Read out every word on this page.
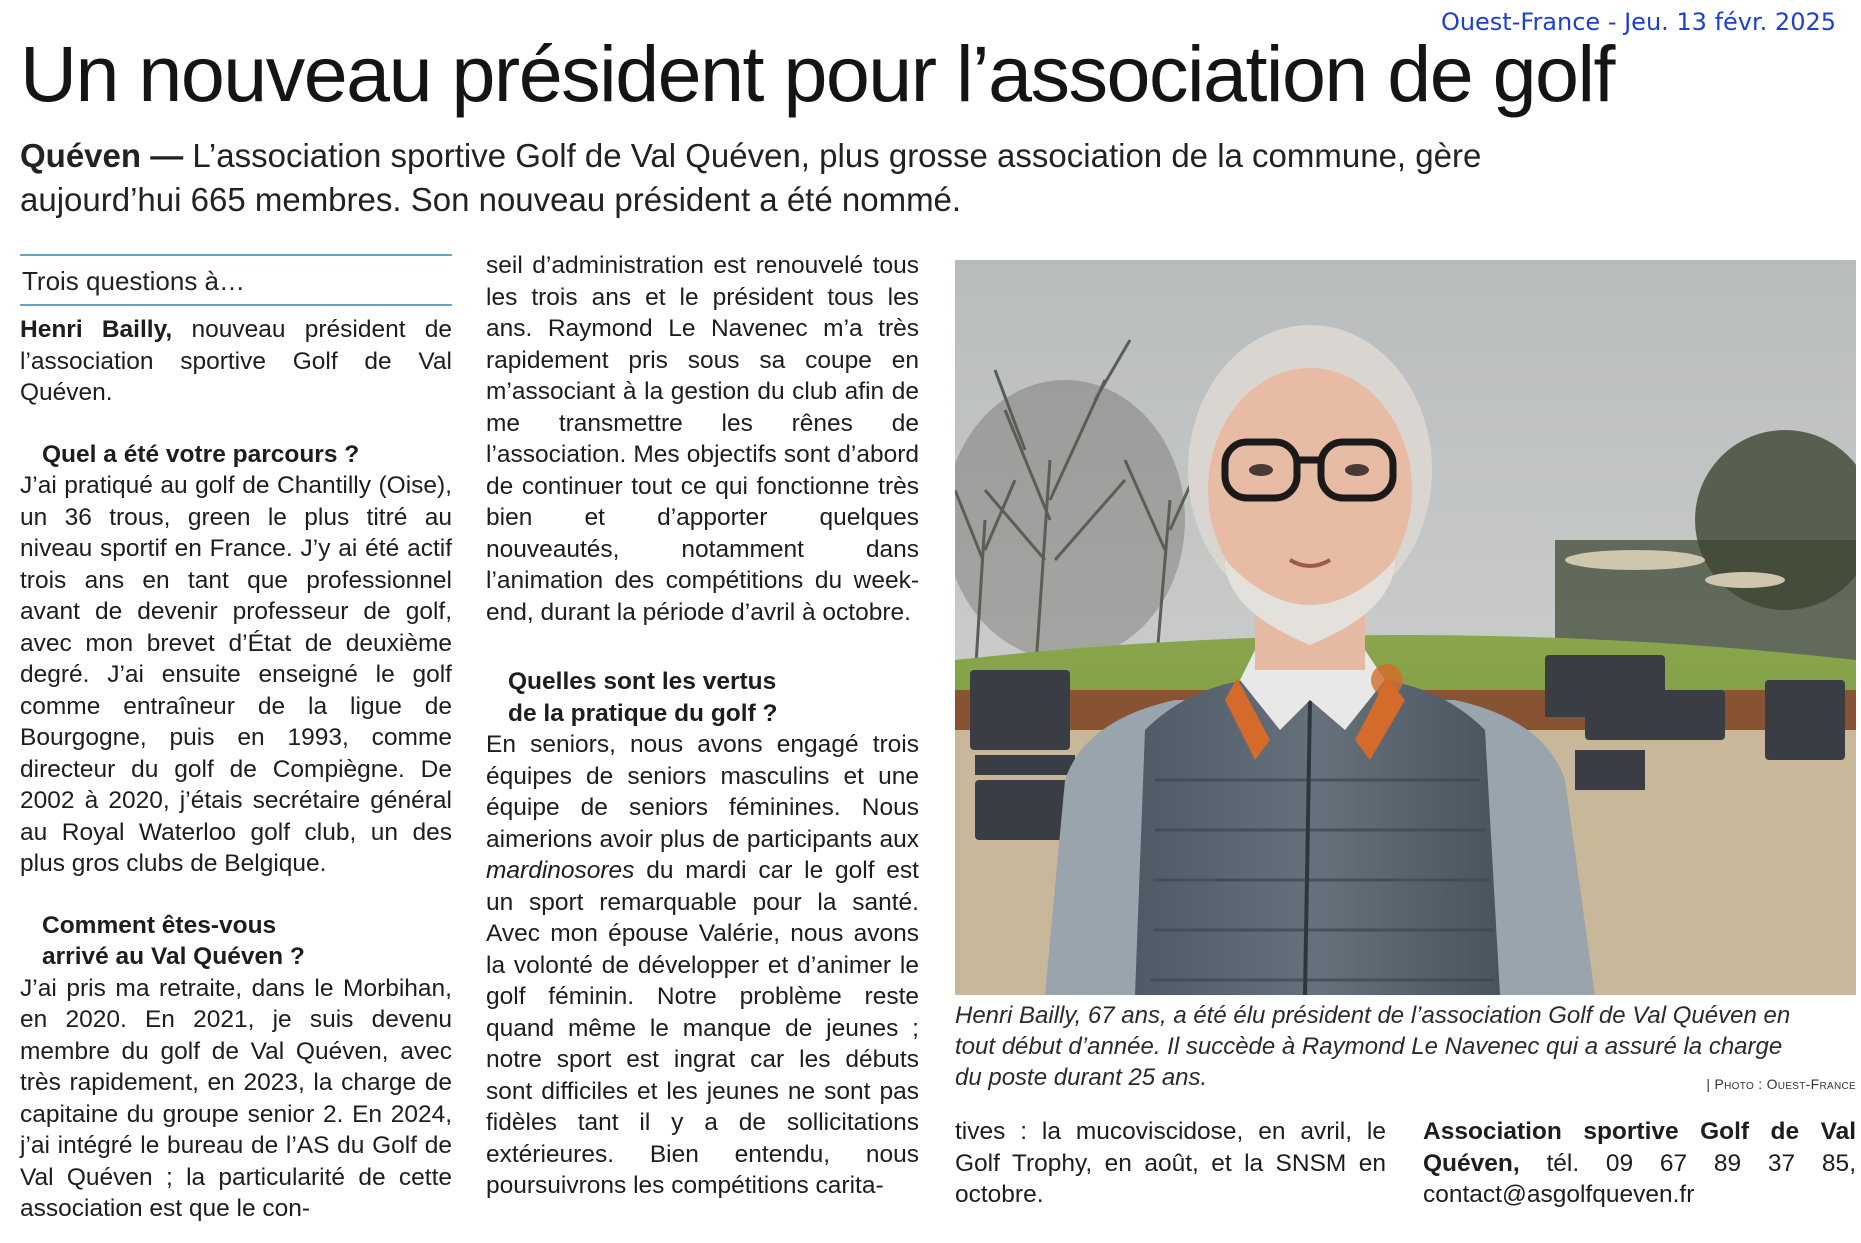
Ouest-France - Jeu. 13 févr. 2025
Un nouveau président pour l’association de golf

Quéven — L’association sportive Golf de Val Quéven, plus grosse association de la commune, gère aujourd’hui 665 membres. Son nouveau président a été nommé.

Trois questions à…

Henri Bailly, nouveau président de l’association sportive Golf de Val Quéven.

Quel a été votre parcours ?

J’ai pratiqué au golf de Chantilly (Oise), un 36 trous, green le plus titré au niveau sportif en France. J’y ai été actif trois ans en tant que professionnel avant de devenir professeur de golf, avec mon brevet d’État de deuxième degré. J’ai ensuite enseigné le golf comme entraîneur de la ligue de Bourgogne, puis en 1993, comme directeur du golf de Compiègne. De 2002 à 2020, j’étais secrétaire général au Royal Waterloo golf club, un des plus gros clubs de Belgique.

Comment êtes-vous arrivé au Val Quéven ?

J’ai pris ma retraite, dans le Morbihan, en 2020. En 2021, je suis devenu membre du golf de Val Quéven, avec très rapidement, en 2023, la charge de capitaine du groupe senior 2. En 2024, j’ai intégré le bureau de l’AS du Golf de Val Quéven ; la particularité de cette association est que le con-

seil d’administration est renouvelé tous les trois ans et le président tous les ans. Raymond Le Navenec m’a très rapidement pris sous sa coupe en m’associant à la gestion du club afin de me transmettre les rênes de l’association. Mes objectifs sont d’abord de continuer tout ce qui fonctionne très bien et d’apporter quelques nouveautés, notamment dans l’animation des compétitions du week-end, durant la période d’avril à octobre.

Quelles sont les vertus de la pratique du golf ?

En seniors, nous avons engagé trois équipes de seniors masculins et une équipe de seniors féminines. Nous aimerions avoir plus de participants aux mardinosores du mardi car le golf est un sport remarquable pour la santé. Avec mon épouse Valérie, nous avons la volonté de développer et d’animer le golf féminin. Notre problème reste quand même le manque de jeunes ; notre sport est ingrat car les débuts sont difficiles et les jeunes ne sont pas fidèles tant il y a de sollicitations extérieures. Bien entendu, nous poursuivrons les compétitions carita-

Henri Bailly, 67 ans, a été élu président de l’association Golf de Val Quéven en tout début d’année. Il succède à Raymond Le Navenec qui a assuré la charge du poste durant 25 ans.	| Photo : Ouest-France

tives : la mucoviscidose, en avril, le Golf Trophy, en août, et la SNSM en octobre.

Association sportive Golf de Val Quéven, tél. 09 67 89 37 85, contact@asgolfqueven.fr
